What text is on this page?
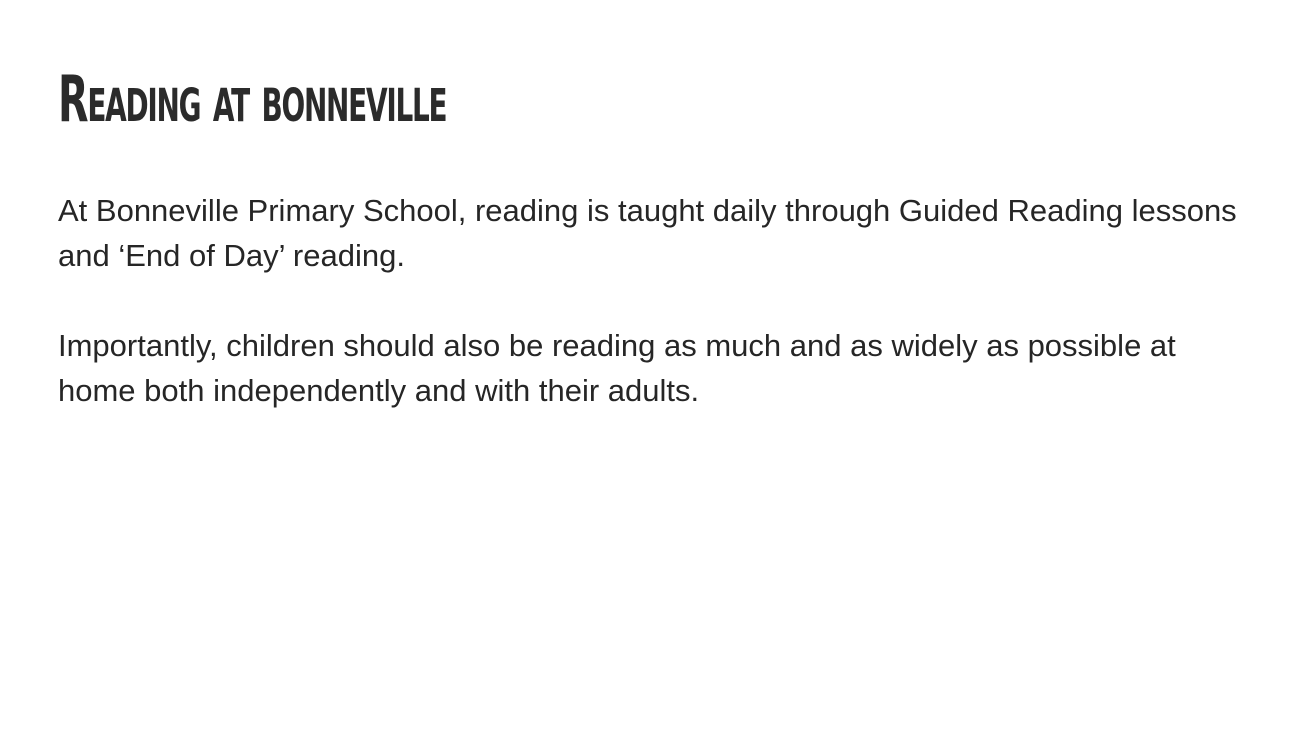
Reading at bonneville

At Bonneville Primary School, reading is taught daily through Guided Reading lessons and ‘End of Day’ reading.

Importantly, children should also be reading as much and as widely as possible at home both independently and with their adults.
